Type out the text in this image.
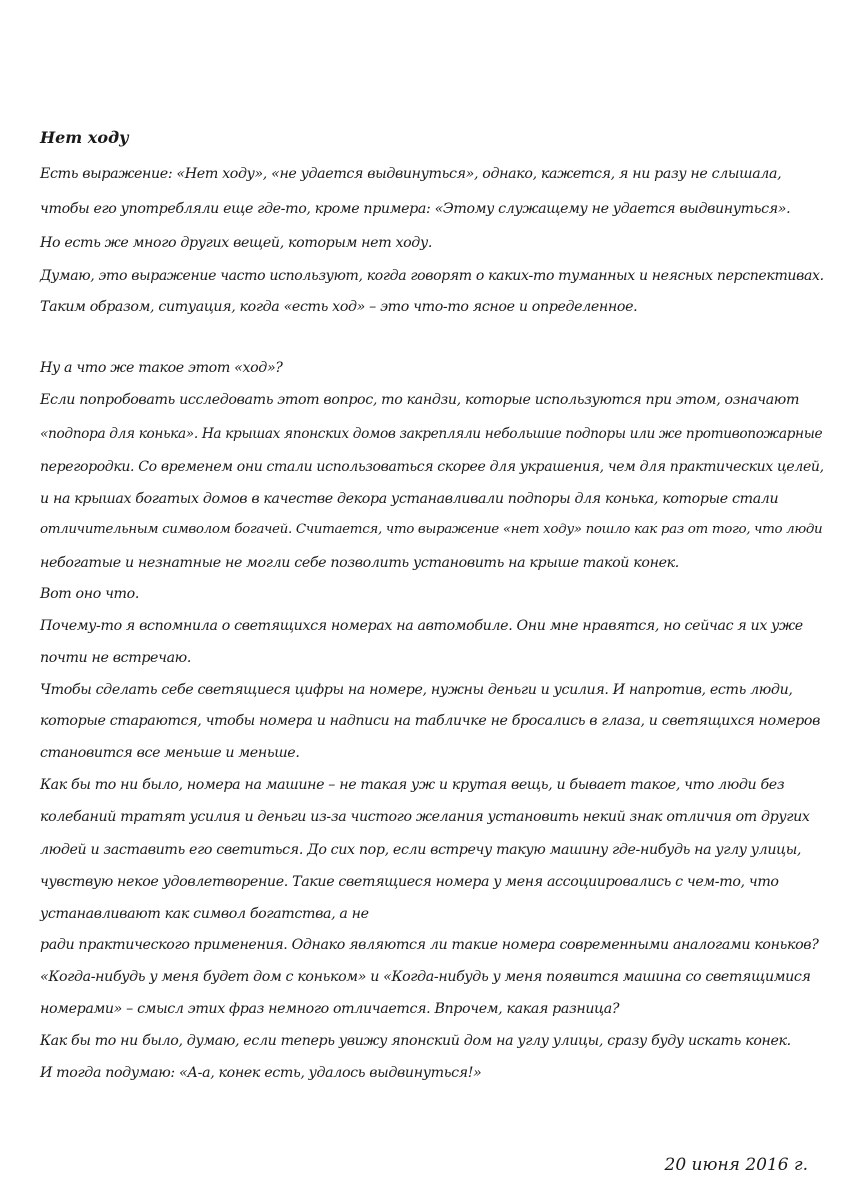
Нет ходу
Есть выражение: «Нет ходу», «не удается выдвинуться», однако, кажется, я ни разу не слышала,
чтобы его употребляли еще где-то, кроме примера: «Этому служащему не удается выдвинуться».
Но есть же много других вещей, которым нет ходу.
Думаю, это выражение часто используют, когда говорят о каких-то туманных и неясных перспективах.
Таким образом, ситуация, когда «есть ход» – это что-то ясное и определенное.
Ну а что же такое этот «ход»?
Если попробовать исследовать этот вопрос, то кандзи, которые используются при этом, означают
«подпора для конька». На крышах японских домов закрепляли небольшие подпоры или же противопожарные
перегородки. Со временем они стали использоваться скорее для украшения, чем для практических целей,
и на крышах богатых домов в качестве декора устанавливали подпоры для конька, которые стали
отличительным символом богачей. Считается, что выражение «нет ходу» пошло как раз от того, что люди
небогатые и незнатные не могли себе позволить установить на крыше такой конек.
Вот оно что.
Почему-то я вспомнила о светящихся номерах на автомобиле. Они мне нравятся, но сейчас я их уже
почти не встречаю.
Чтобы сделать себе светящиеся цифры на номере, нужны деньги и усилия. И напротив, есть люди,
которые стараются, чтобы номера и надписи на табличке не бросались в глаза, и светящихся номеров
становится все меньше и меньше.
Как бы то ни было, номера на машине – не такая уж и крутая вещь, и бывает такое, что люди без
колебаний тратят усилия и деньги из-за чистого желания установить некий знак отличия от других
людей и заставить его светиться. До сих пор, если встречу такую машину где-нибудь на углу улицы,
чувствую некое удовлетворение. Такие светящиеся номера у меня ассоциировались с чем-то, что
устанавливают как символ богатства, а не
ради практического применения. Однако являются ли такие номера современными аналогами коньков?
«Когда-нибудь у меня будет дом с коньком» и «Когда-нибудь у меня появится машина со светящимися
номерами» – смысл этих фраз немного отличается. Впрочем, какая разница?
Как бы то ни было, думаю, если теперь увижу японский дом на углу улицы, сразу буду искать конек.
И тогда подумаю: «А-а, конек есть, удалось выдвинуться!»
20 июня 2016 г.
